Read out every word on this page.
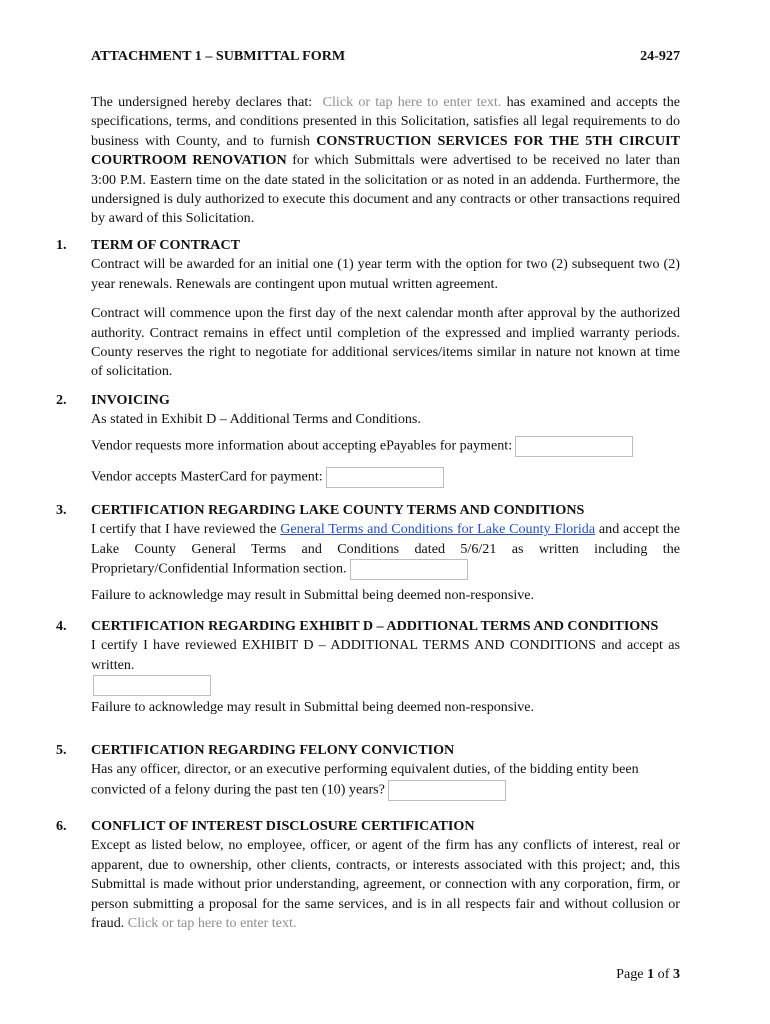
ATTACHMENT 1 – SUBMITTAL FORM	24-927

The undersigned hereby declares that: Click or tap here to enter text. has examined and accepts the specifications, terms, and conditions presented in this Solicitation, satisfies all legal requirements to do business with County, and to furnish CONSTRUCTION SERVICES FOR THE 5TH CIRCUIT COURTROOM RENOVATION for which Submittals were advertised to be received no later than 3:00 P.M. Eastern time on the date stated in the solicitation or as noted in an addenda. Furthermore, the undersigned is duly authorized to execute this document and any contracts or other transactions required by award of this Solicitation.

1.	TERM OF CONTRACT

Contract will be awarded for an initial one (1) year term with the option for two (2) subsequent two (2) year renewals. Renewals are contingent upon mutual written agreement.

Contract will commence upon the first day of the next calendar month after approval by the authorized authority. Contract remains in effect until completion of the expressed and implied warranty periods. County reserves the right to negotiate for additional services/items similar in nature not known at time of solicitation.

2.	INVOICING

As stated in Exhibit D – Additional Terms and Conditions.

Vendor requests more information about accepting ePayables for payment:

Vendor accepts MasterCard for payment:

3.	CERTIFICATION REGARDING LAKE COUNTY TERMS AND CONDITIONS

I certify that I have reviewed the General Terms and Conditions for Lake County Florida and accept the Lake County General Terms and Conditions dated 5/6/21 as written including the Proprietary/Confidential Information section.

Failure to acknowledge may result in Submittal being deemed non-responsive.

4.	CERTIFICATION REGARDING EXHIBIT D – ADDITIONAL TERMS AND CONDITIONS

I certify I have reviewed EXHIBIT D – ADDITIONAL TERMS AND CONDITIONS and accept as written.

Failure to acknowledge may result in Submittal being deemed non-responsive.

5.	CERTIFICATION REGARDING FELONY CONVICTION

Has any officer, director, or an executive performing equivalent duties, of the bidding entity been convicted of a felony during the past ten (10) years?

6.	CONFLICT OF INTEREST DISCLOSURE CERTIFICATION

Except as listed below, no employee, officer, or agent of the firm has any conflicts of interest, real or apparent, due to ownership, other clients, contracts, or interests associated with this project; and, this Submittal is made without prior understanding, agreement, or connection with any corporation, firm, or person submitting a proposal for the same services, and is in all respects fair and without collusion or fraud. Click or tap here to enter text.

Page 1 of 3
